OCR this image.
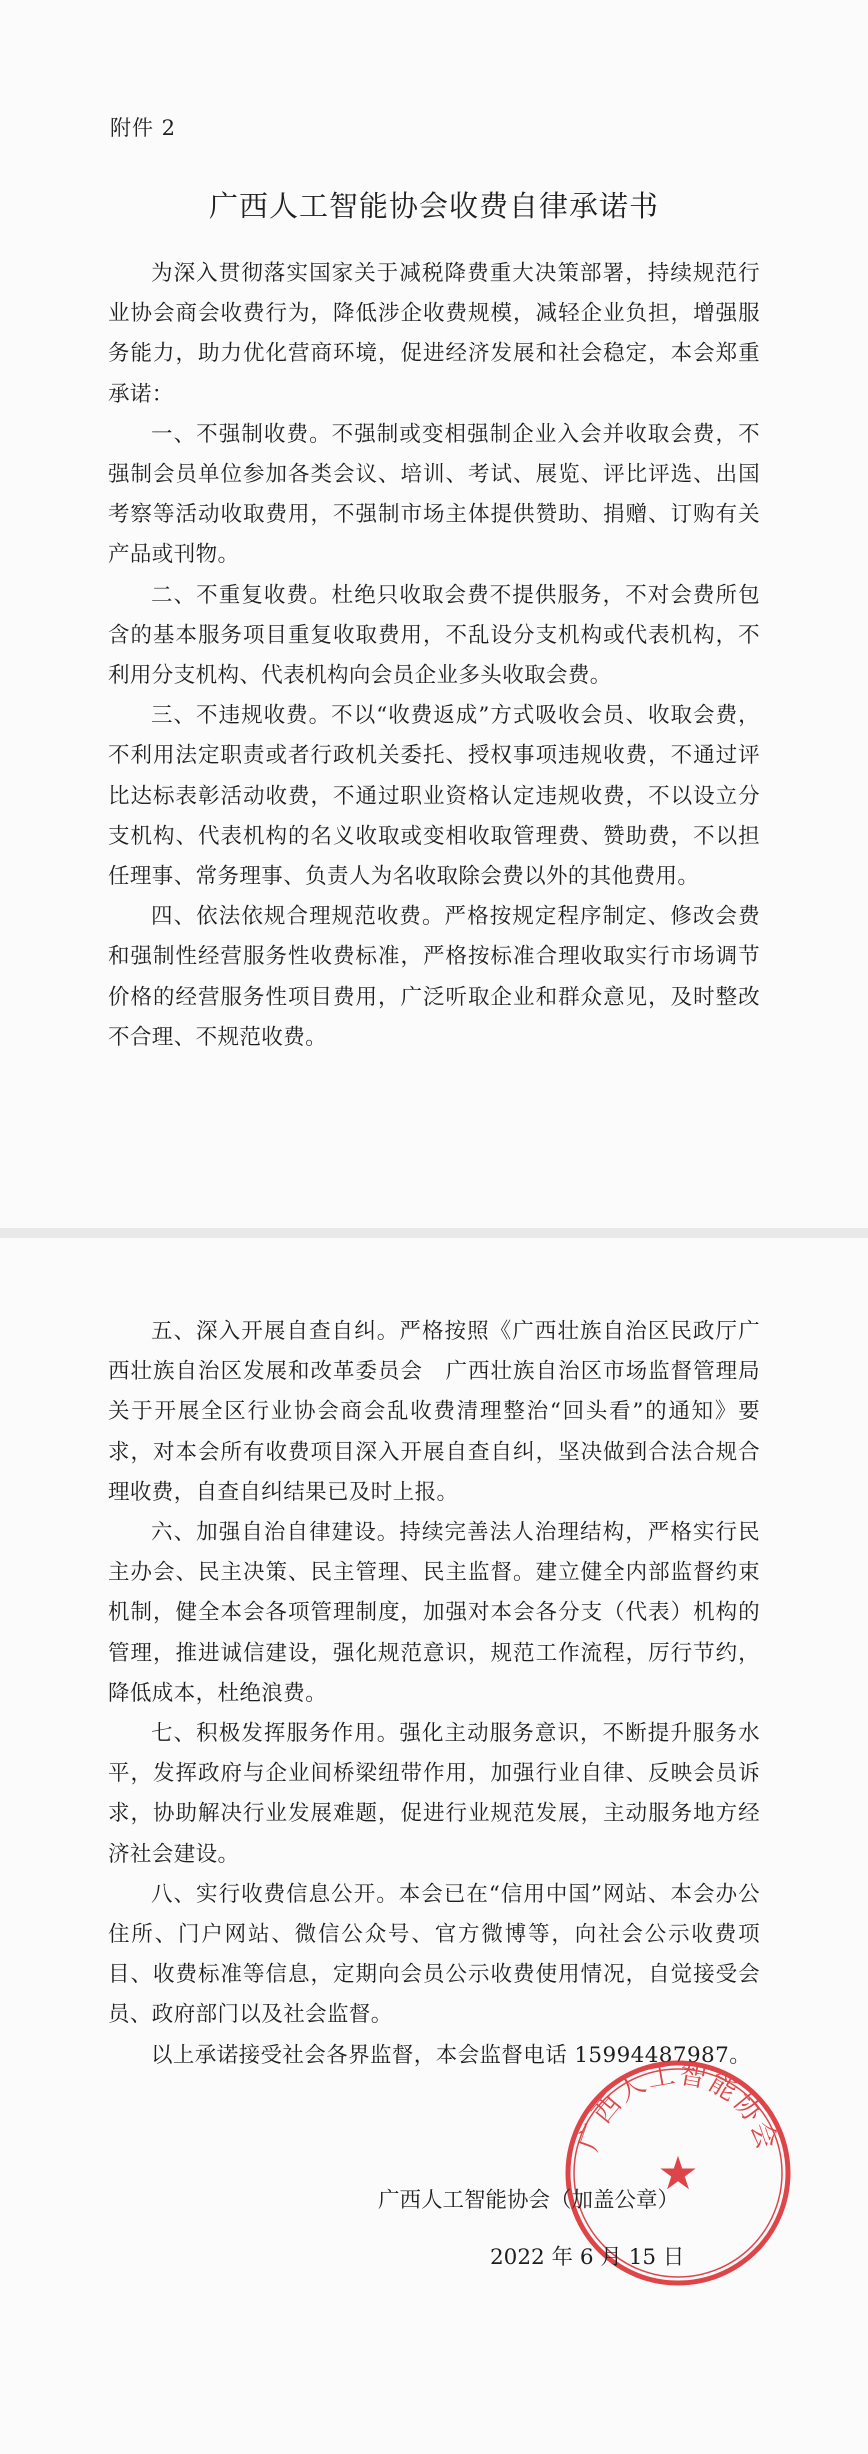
附件 2
广西人工智能协会收费自律承诺书

为深入贯彻落实国家关于减税降费重大决策部署，持续规范行业协会商会收费行为，降低涉企收费规模，减轻企业负担，增强服务能力，助力优化营商环境，促进经济发展和社会稳定，本会郑重承诺：

一、不强制收费。不强制或变相强制企业入会并收取会费，不强制会员单位参加各类会议、培训、考试、展览、评比评选、出国考察等活动收取费用，不强制市场主体提供赞助、捐赠、订购有关产品或刊物。

二、不重复收费。杜绝只收取会费不提供服务，不对会费所包含的基本服务项目重复收取费用，不乱设分支机构或代表机构，不利用分支机构、代表机构向会员企业多头收取会费。

三、不违规收费。不以“收费返成”方式吸收会员、收取会费，不利用法定职责或者行政机关委托、授权事项违规收费，不通过评比达标表彰活动收费，不通过职业资格认定违规收费，不以设立分支机构、代表机构的名义收取或变相收取管理费、赞助费，不以担任理事、常务理事、负责人为名收取除会费以外的其他费用。

四、依法依规合理规范收费。严格按规定程序制定、修改会费和强制性经营服务性收费标准，严格按标准合理收取实行市场调节价格的经营服务性项目费用，广泛听取企业和群众意见，及时整改不合理、不规范收费。

五、深入开展自查自纠。严格按照《广西壮族自治区民政厅广西壮族自治区发展和改革委员会　广西壮族自治区市场监督管理局关于开展全区行业协会商会乱收费清理整治“回头看”的通知》要求，对本会所有收费项目深入开展自查自纠，坚决做到合法合规合理收费，自查自纠结果已及时上报。

六、加强自治自律建设。持续完善法人治理结构，严格实行民主办会、民主决策、民主管理、民主监督。建立健全内部监督约束机制，健全本会各项管理制度，加强对本会各分支（代表）机构的管理，推进诚信建设，强化规范意识，规范工作流程，厉行节约，降低成本，杜绝浪费。

七、积极发挥服务作用。强化主动服务意识，不断提升服务水平，发挥政府与企业间桥梁纽带作用，加强行业自律、反映会员诉求，协助解决行业发展难题，促进行业规范发展，主动服务地方经济社会建设。

八、实行收费信息公开。本会已在“信用中国”网站、本会办公住所、门户网站、微信公众号、官方微博等，向社会公示收费项目、收费标准等信息，定期向会员公示收费使用情况，自觉接受会员、政府部门以及社会监督。

以上承诺接受社会各界监督，本会监督电话 15994487987。

广西人工智能协会
★
广西人工智能协会（加盖公章）
2022 年 6 月 15 日
